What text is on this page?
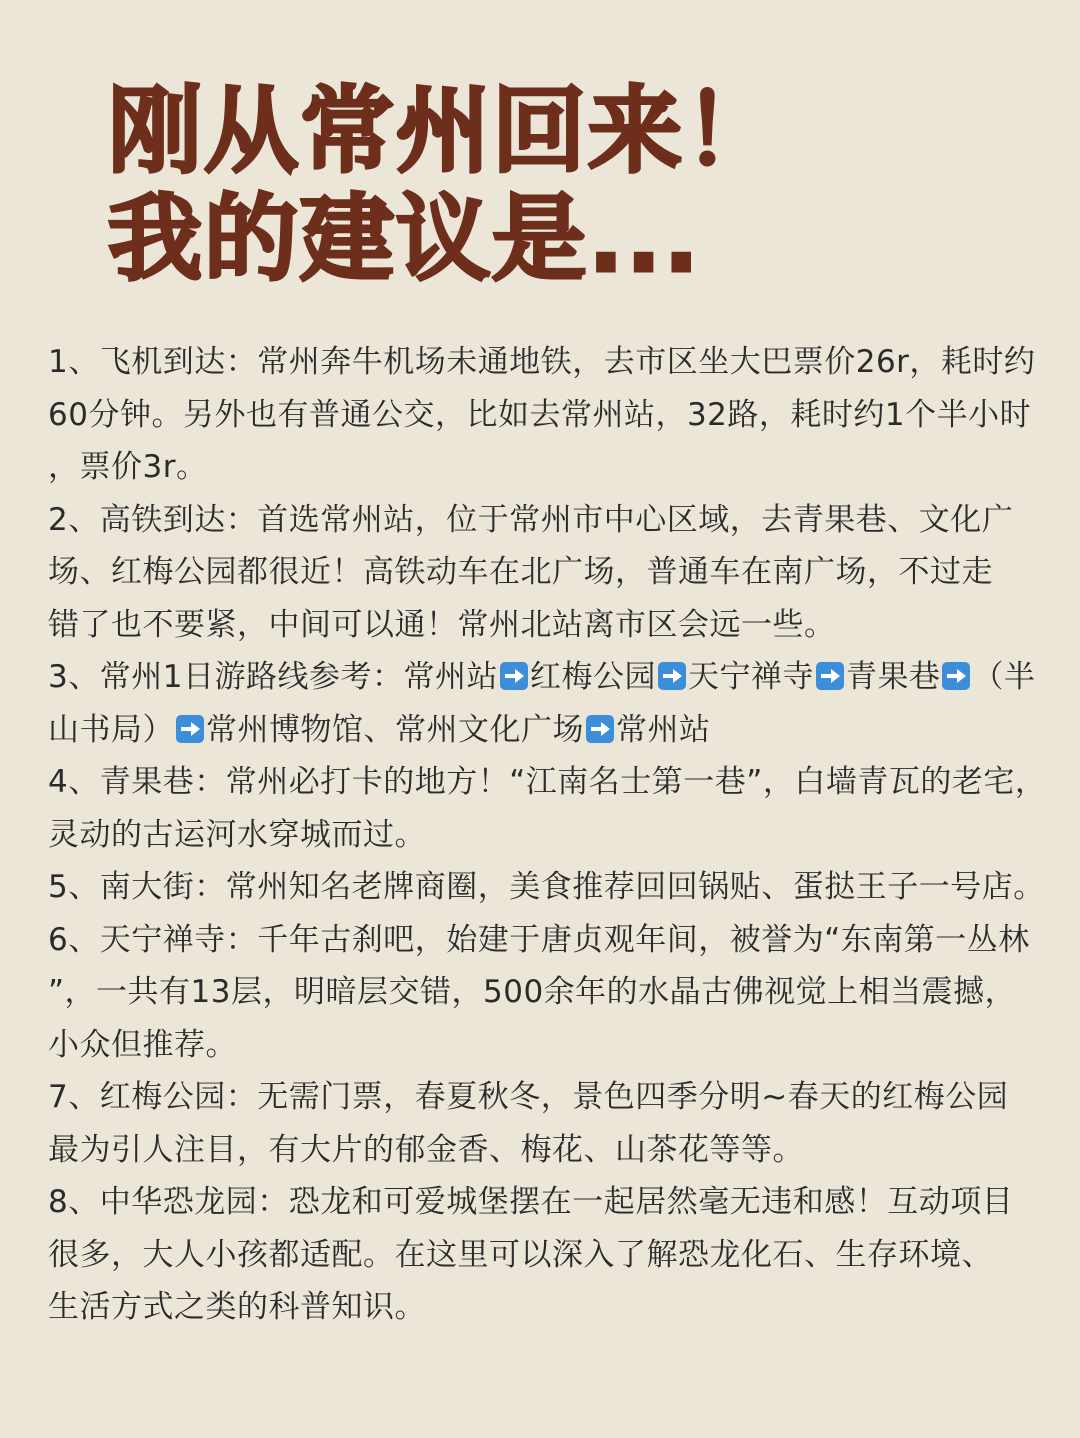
刚从常州回来！
我的建议是...
1、飞机到达：常州奔牛机场未通地铁，去市区坐大巴票价26r，耗时约
60分钟。另外也有普通公交，比如去常州站，32路，耗时约1个半小时
，票价3r。
2、高铁到达：首选常州站，位于常州市中心区域，去青果巷、文化广
场、红梅公园都很近！高铁动车在北广场，普通车在南广场，不过走
错了也不要紧，中间可以通！常州北站离市区会远一些。
3、常州1日游路线参考：常州站 红梅公园 天宁禅寺 青果巷 （半
山书局） 常州博物馆、常州文化广场 常州站
4、青果巷：常州必打卡的地方！“江南名士第一巷”，白墙青瓦的老宅，
灵动的古运河水穿城而过。
5、南大街：常州知名老牌商圈，美食推荐回回锅贴、蛋挞王子一号店。
6、天宁禅寺：千年古刹吧，始建于唐贞观年间，被誉为“东南第一丛林
”，一共有13层，明暗层交错，500余年的水晶古佛视觉上相当震撼，
小众但推荐。
7、红梅公园：无需门票，春夏秋冬，景色四季分明~春天的红梅公园
最为引人注目，有大片的郁金香、梅花、山茶花等等。
8、中华恐龙园：恐龙和可爱城堡摆在一起居然毫无违和感！互动项目
很多，大人小孩都适配。在这里可以深入了解恐龙化石、生存环境、
生活方式之类的科普知识。
